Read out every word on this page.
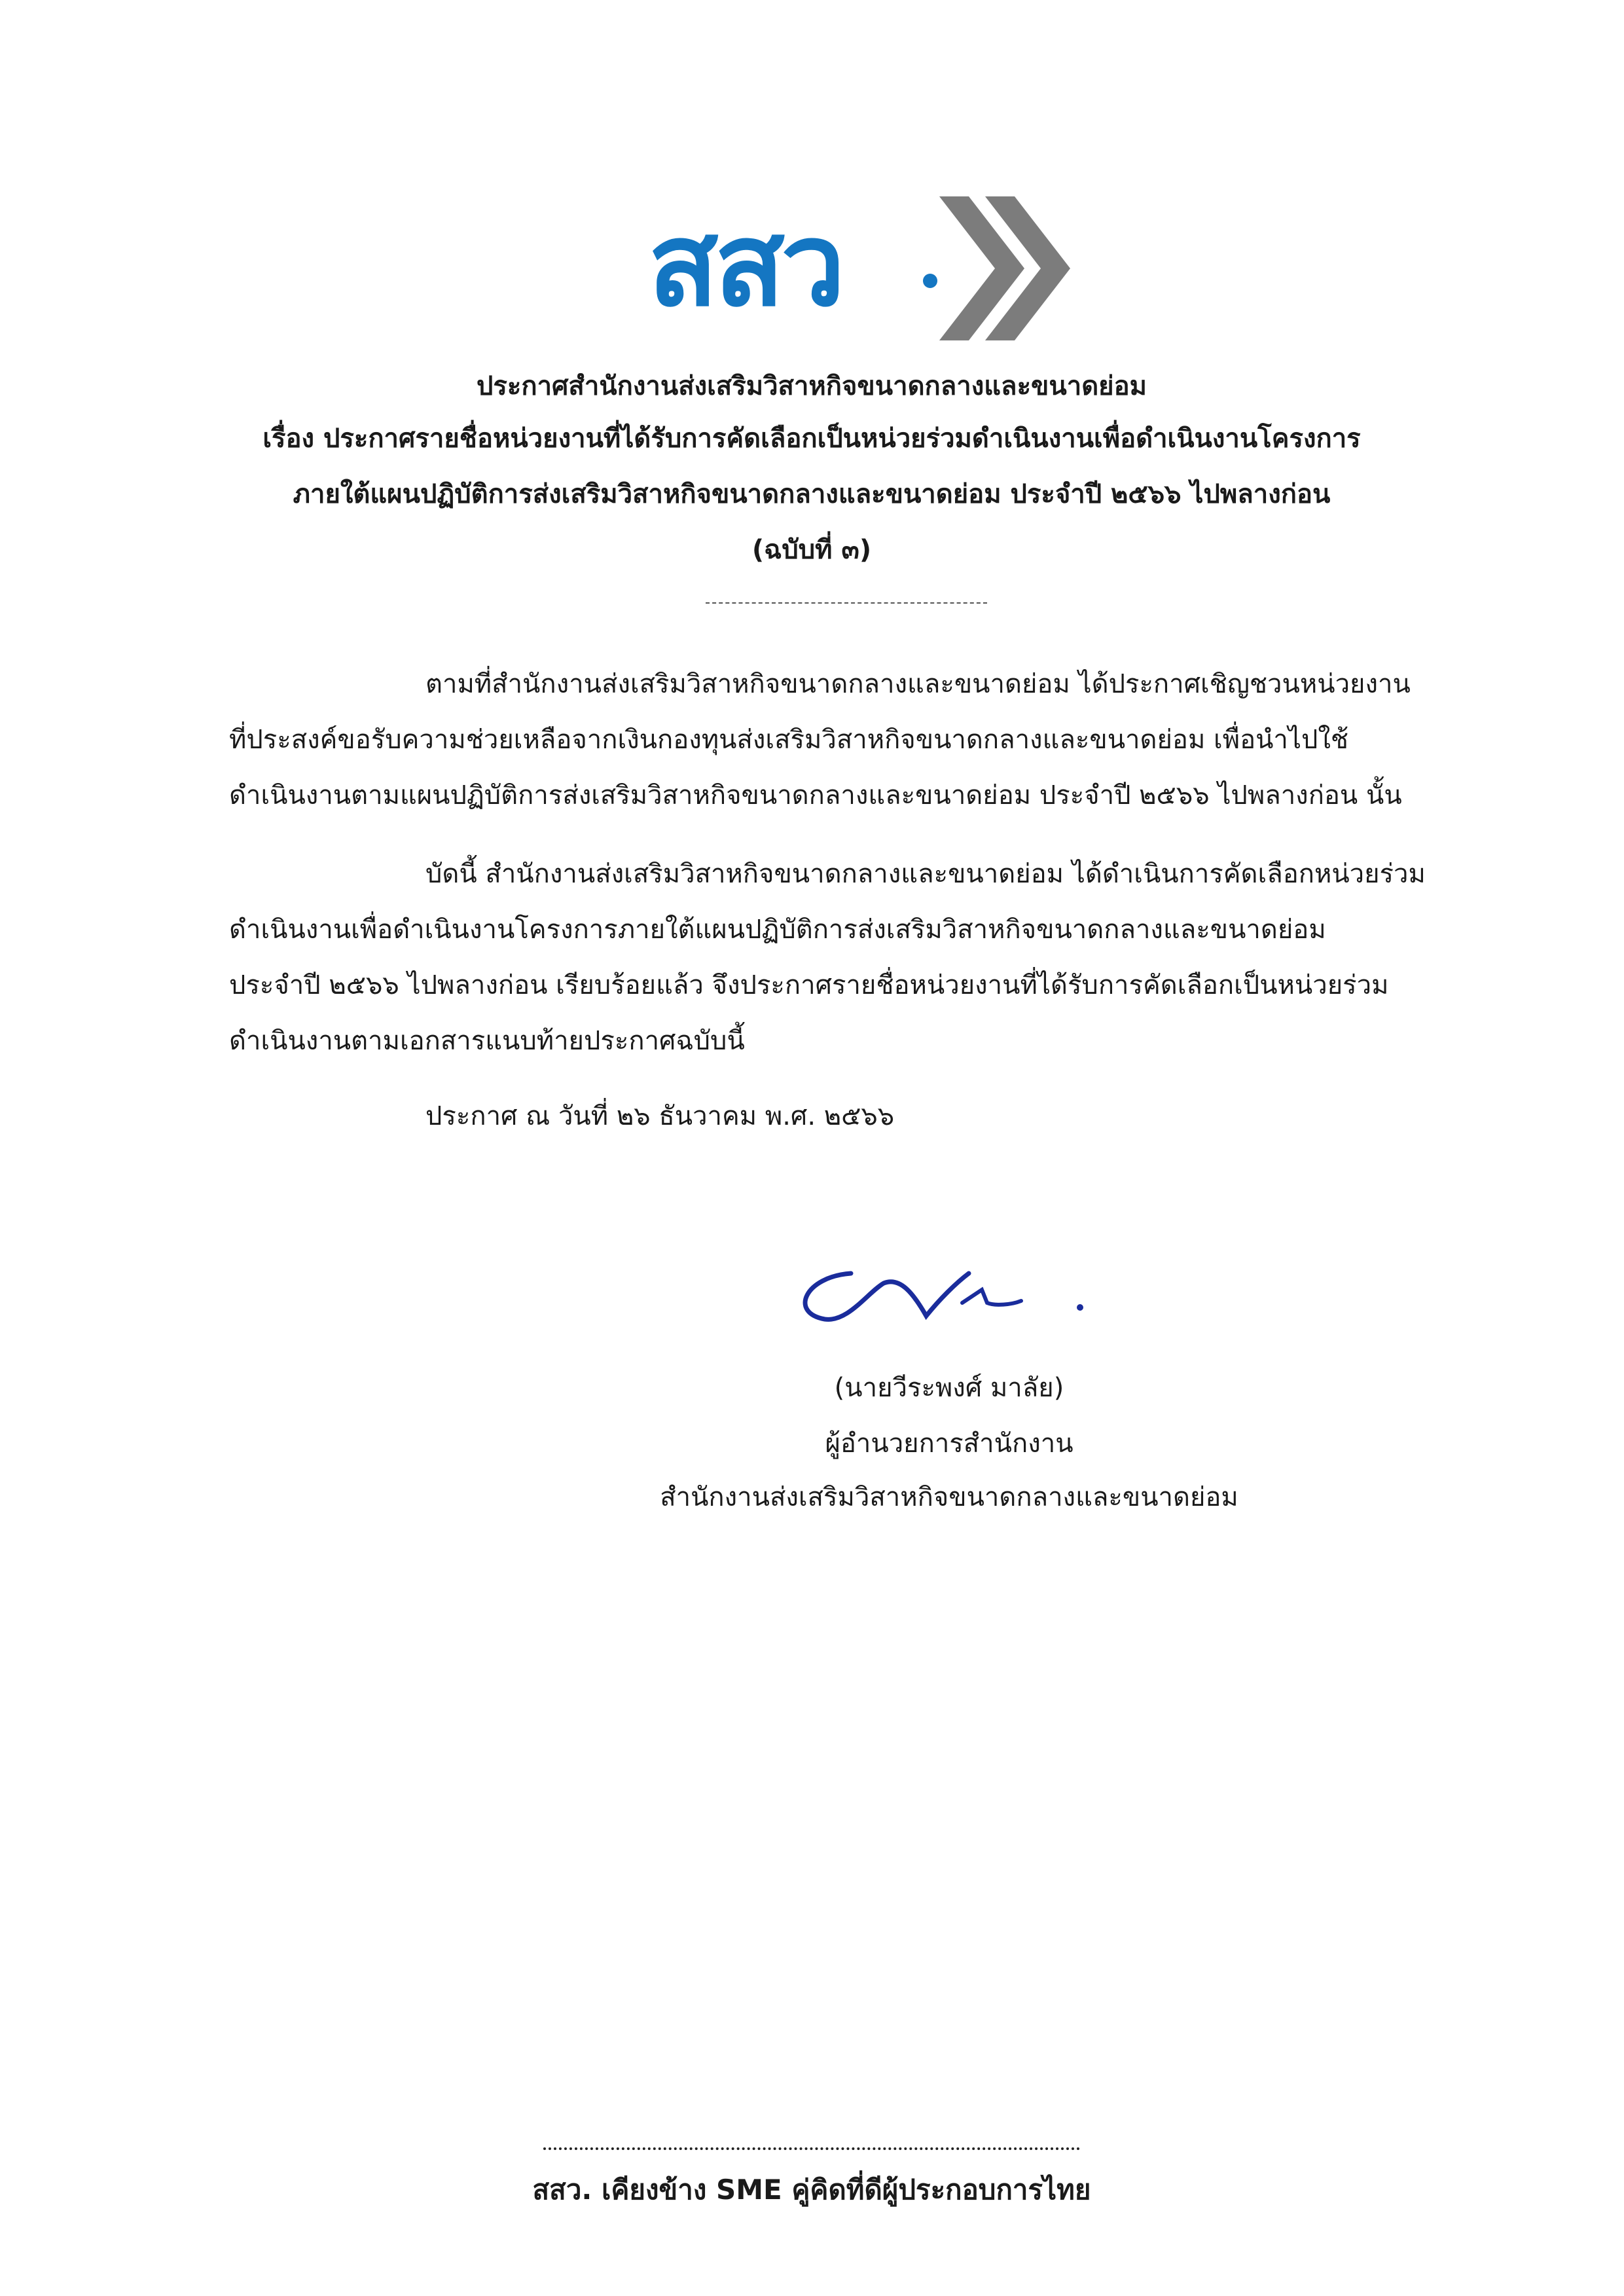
สสว
ประกาศสำนักงานส่งเสริมวิสาหกิจขนาดกลางและขนาดย่อม
เรื่อง ประกาศรายชื่อหน่วยงานที่ได้รับการคัดเลือกเป็นหน่วยร่วมดำเนินงานเพื่อดำเนินงานโครงการ
ภายใต้แผนปฏิบัติการส่งเสริมวิสาหกิจขนาดกลางและขนาดย่อม ประจำปี ๒๕๖๖ ไปพลางก่อน
(ฉบับที่ ๓)
ตามที่สำนักงานส่งเสริมวิสาหกิจขนาดกลางและขนาดย่อม ได้ประกาศเชิญชวนหน่วยงาน
ที่ประสงค์ขอรับความช่วยเหลือจากเงินกองทุนส่งเสริมวิสาหกิจขนาดกลางและขนาดย่อม เพื่อนำไปใช้
ดำเนินงานตามแผนปฏิบัติการส่งเสริมวิสาหกิจขนาดกลางและขนาดย่อม ประจำปี ๒๕๖๖ ไปพลางก่อน นั้น
บัดนี้ สำนักงานส่งเสริมวิสาหกิจขนาดกลางและขนาดย่อม ได้ดำเนินการคัดเลือกหน่วยร่วม
ดำเนินงานเพื่อดำเนินงานโครงการภายใต้แผนปฏิบัติการส่งเสริมวิสาหกิจขนาดกลางและขนาดย่อม
ประจำปี ๒๕๖๖ ไปพลางก่อน เรียบร้อยแล้ว จึงประกาศรายชื่อหน่วยงานที่ได้รับการคัดเลือกเป็นหน่วยร่วม
ดำเนินงานตามเอกสารแนบท้ายประกาศฉบับนี้
ประกาศ ณ วันที่ ๒๖ ธันวาคม พ.ศ. ๒๕๖๖
(นายวีระพงศ์ มาลัย)
ผู้อำนวยการสำนักงาน
สำนักงานส่งเสริมวิสาหกิจขนาดกลางและขนาดย่อม
สสว. เคียงข้าง SME คู่คิดที่ดีผู้ประกอบการไทย
